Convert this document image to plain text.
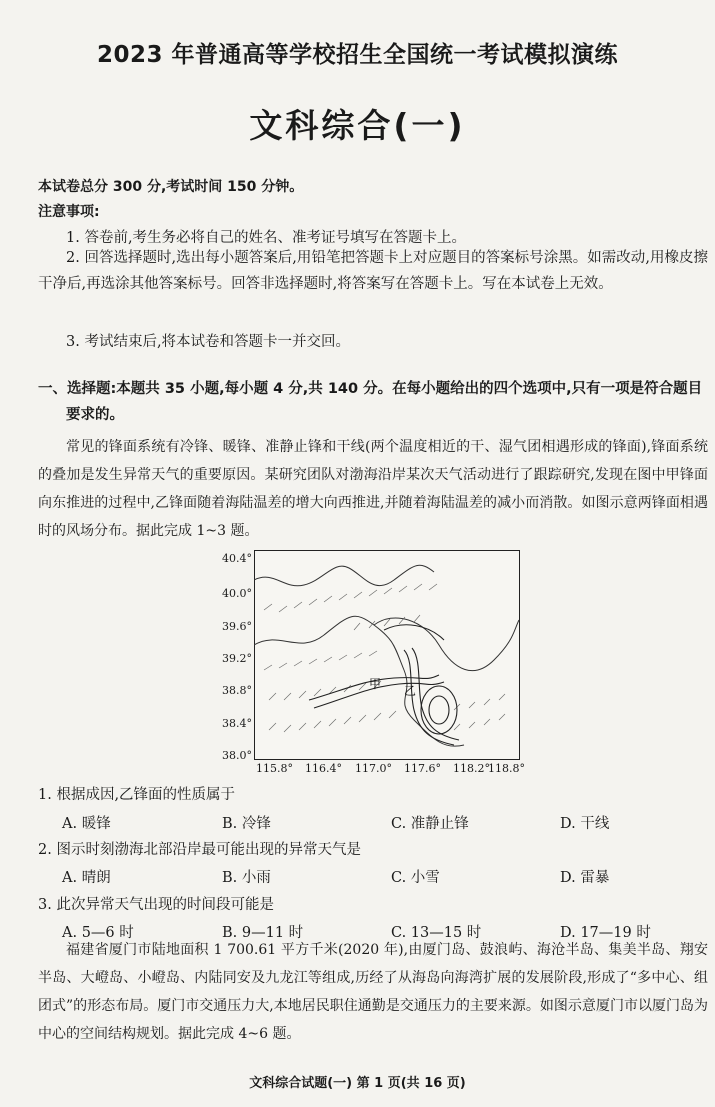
2023 年普通高等学校招生全国统一考试模拟演练
文科综合(一)
本试卷总分 300 分,考试时间 150 分钟。
注意事项:
1. 答卷前,考生务必将自己的姓名、准考证号填写在答题卡上。
2. 回答选择题时,选出每小题答案后,用铅笔把答题卡上对应题目的答案标号涂黑。如需改动,用橡皮擦干净后,再选涂其他答案标号。回答非选择题时,将答案写在答题卡上。写在本试卷上无效。
3. 考试结束后,将本试卷和答题卡一并交回。
一、选择题:本题共 35 小题,每小题 4 分,共 140 分。在每小题给出的四个选项中,只有一项是符合题目要求的。
常见的锋面系统有冷锋、暖锋、准静止锋和干线(两个温度相近的干、湿气团相遇形成的锋面),锋面系统的叠加是发生异常天气的重要原因。某研究团队对渤海沿岸某次天气活动进行了跟踪研究,发现在图中甲锋面向东推进的过程中,乙锋面随着海陆温差的增大向西推进,并随着海陆温差的减小而消散。如图示意两锋面相遇时的风场分布。据此完成 1~3 题。
40.4°
40.0°
39.6°
39.2°
38.8°
38.4°
38.0°
甲 乙
115.8° 116.4° 117.0° 117.6° 118.2°
118.8°
1. 根据成因,乙锋面的性质属于
A. 暖锋	B. 冷锋	C. 准静止锋	D. 干线
2. 图示时刻渤海北部沿岸最可能出现的异常天气是
A. 晴朗	B. 小雨	C. 小雪	D. 雷暴
3. 此次异常天气出现的时间段可能是
A. 5—6 时	B. 9—11 时	C. 13—15 时	D. 17—19 时
福建省厦门市陆地面积 1 700.61 平方千米(2020 年),由厦门岛、鼓浪屿、海沧半岛、集美半岛、翔安半岛、大嶝岛、小嶝岛、内陆同安及九龙江等组成,历经了从海岛向海湾扩展的发展阶段,形成了“多中心、组团式”的形态布局。厦门市交通压力大,本地居民职住通勤是交通压力的主要来源。如图示意厦门市以厦门岛为中心的空间结构规划。据此完成 4~6 题。
文科综合试题(一) 第 1 页(共 16 页)
